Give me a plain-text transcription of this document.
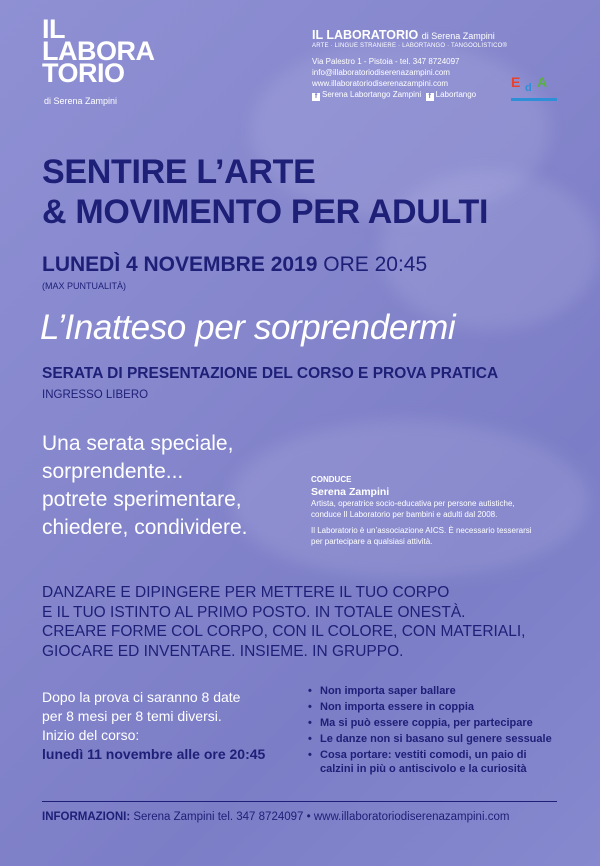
IL
LABORA
TORIO
di Serena Zampini
IL LABORATORIO di Serena Zampini
ARTE · LINGUE STRANIERE · LABORTANGO · TANGOOLISTICO®
Via Palestro 1 - Pistoia - tel. 347 8724097
info@illaboratoriodiserenazampini.com
www.illaboratoriodiserenazampini.com
f Serena Labortango Zampini f Labortango
E d A
SENTIRE L’ARTE
& MOVIMENTO PER ADULTI
LUNEDÌ 4 NOVEMBRE 2019 ORE 20:45
(MAX PUNTUALITÀ)
L’Inatteso per sorprendermi
SERATA DI PRESENTAZIONE DEL CORSO E PROVA PRATICA
INGRESSO LIBERO
Una serata speciale,
sorprendente...
potrete sperimentare,
chiedere, condividere.
CONDUCE
Serena Zampini

Artista, operatrice socio-educativa per persone autistiche,

conduce Il Laboratorio per bambini e adulti dal 2008.

Il Laboratorio è un’associazione AICS. È necessario tesserarsi

per partecipare a qualsiasi attività.

DANZARE E DIPINGERE PER METTERE IL TUO CORPO
E IL TUO ISTINTO AL PRIMO POSTO. IN TOTALE ONESTÀ.
CREARE FORME COL CORPO, CON IL COLORE, CON MATERIALI,
GIOCARE ED INVENTARE. INSIEME. IN GRUPPO.
Dopo la prova ci saranno 8 date
per 8 mesi per 8 temi diversi.
Inizio del corso:
lunedì 11 novembre alle ore 20:45
• Non importa saper ballare
• Non importa essere in coppia
• Ma si può essere coppia, per partecipare
• Le danze non si basano sul genere sessuale
• Cosa portare: vestiti comodi, un paio di
calzini in più o antiscivolo e la curiosità
INFORMAZIONI: Serena Zampini tel. 347 8724097 • www.illaboratoriodiserenazampini.com
